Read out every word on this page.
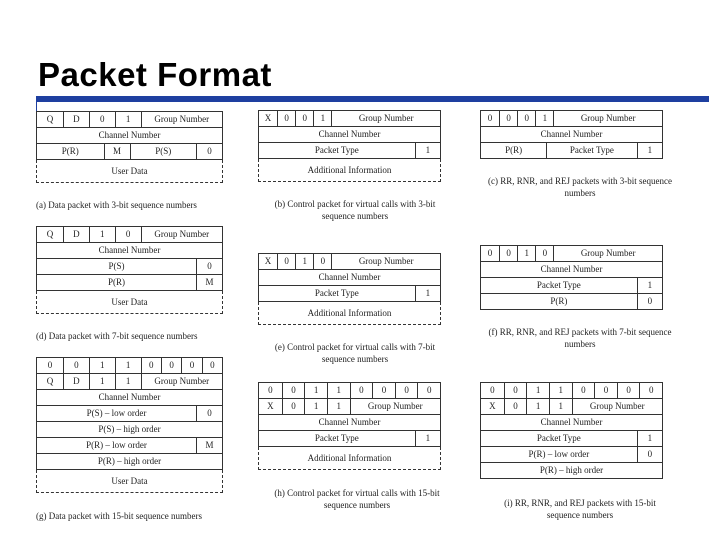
Packet Format
Q	D	0	1	Group Number
Channel Number
P(R)	M	P(S)	0
User Data
(a) Data packet with 3-bit sequence numbers
Q	D	1	0	Group Number
Channel Number
P(S)	0
P(R)	M
User Data
(d) Data packet with 7-bit sequence numbers
0	0	1	1	0	0	0	0
Q	D	1	1	Group Number
Channel Number
P(S) – low order	0
P(S) – high order
P(R) – low order	M
P(R) – high order
User Data
(g) Data packet with 15-bit sequence numbers
X	0	0	1	Group Number
Channel Number
Packet Type	1
Additional Information
(b) Control packet for virtual calls with 3-bit sequence numbers
X	0	1	0	Group Number
Channel Number
Packet Type	1
Additional Information
(e) Control packet for virtual calls with 7-bit sequence numbers
0	0	1	1	0	0	0	0
X	0	1	1	Group Number
Channel Number
Packet Type	1
Additional Information
(h) Control packet for virtual calls with 15-bit sequence numbers
0	0	0	1	Group Number
Channel Number
P(R)	Packet Type	1
(c) RR, RNR, and REJ packets with 3-bit sequence numbers
0	0	1	0	Group Number
Channel Number
Packet Type	1
P(R)	0
(f) RR, RNR, and REJ packets with 7-bit sequence numbers
0	0	1	1	0	0	0	0
X	0	1	1	Group Number
Channel Number
Packet Type	1
P(R) – low order	0
P(R) – high order
(i) RR, RNR, and REJ packets with 15-bit sequence numbers
